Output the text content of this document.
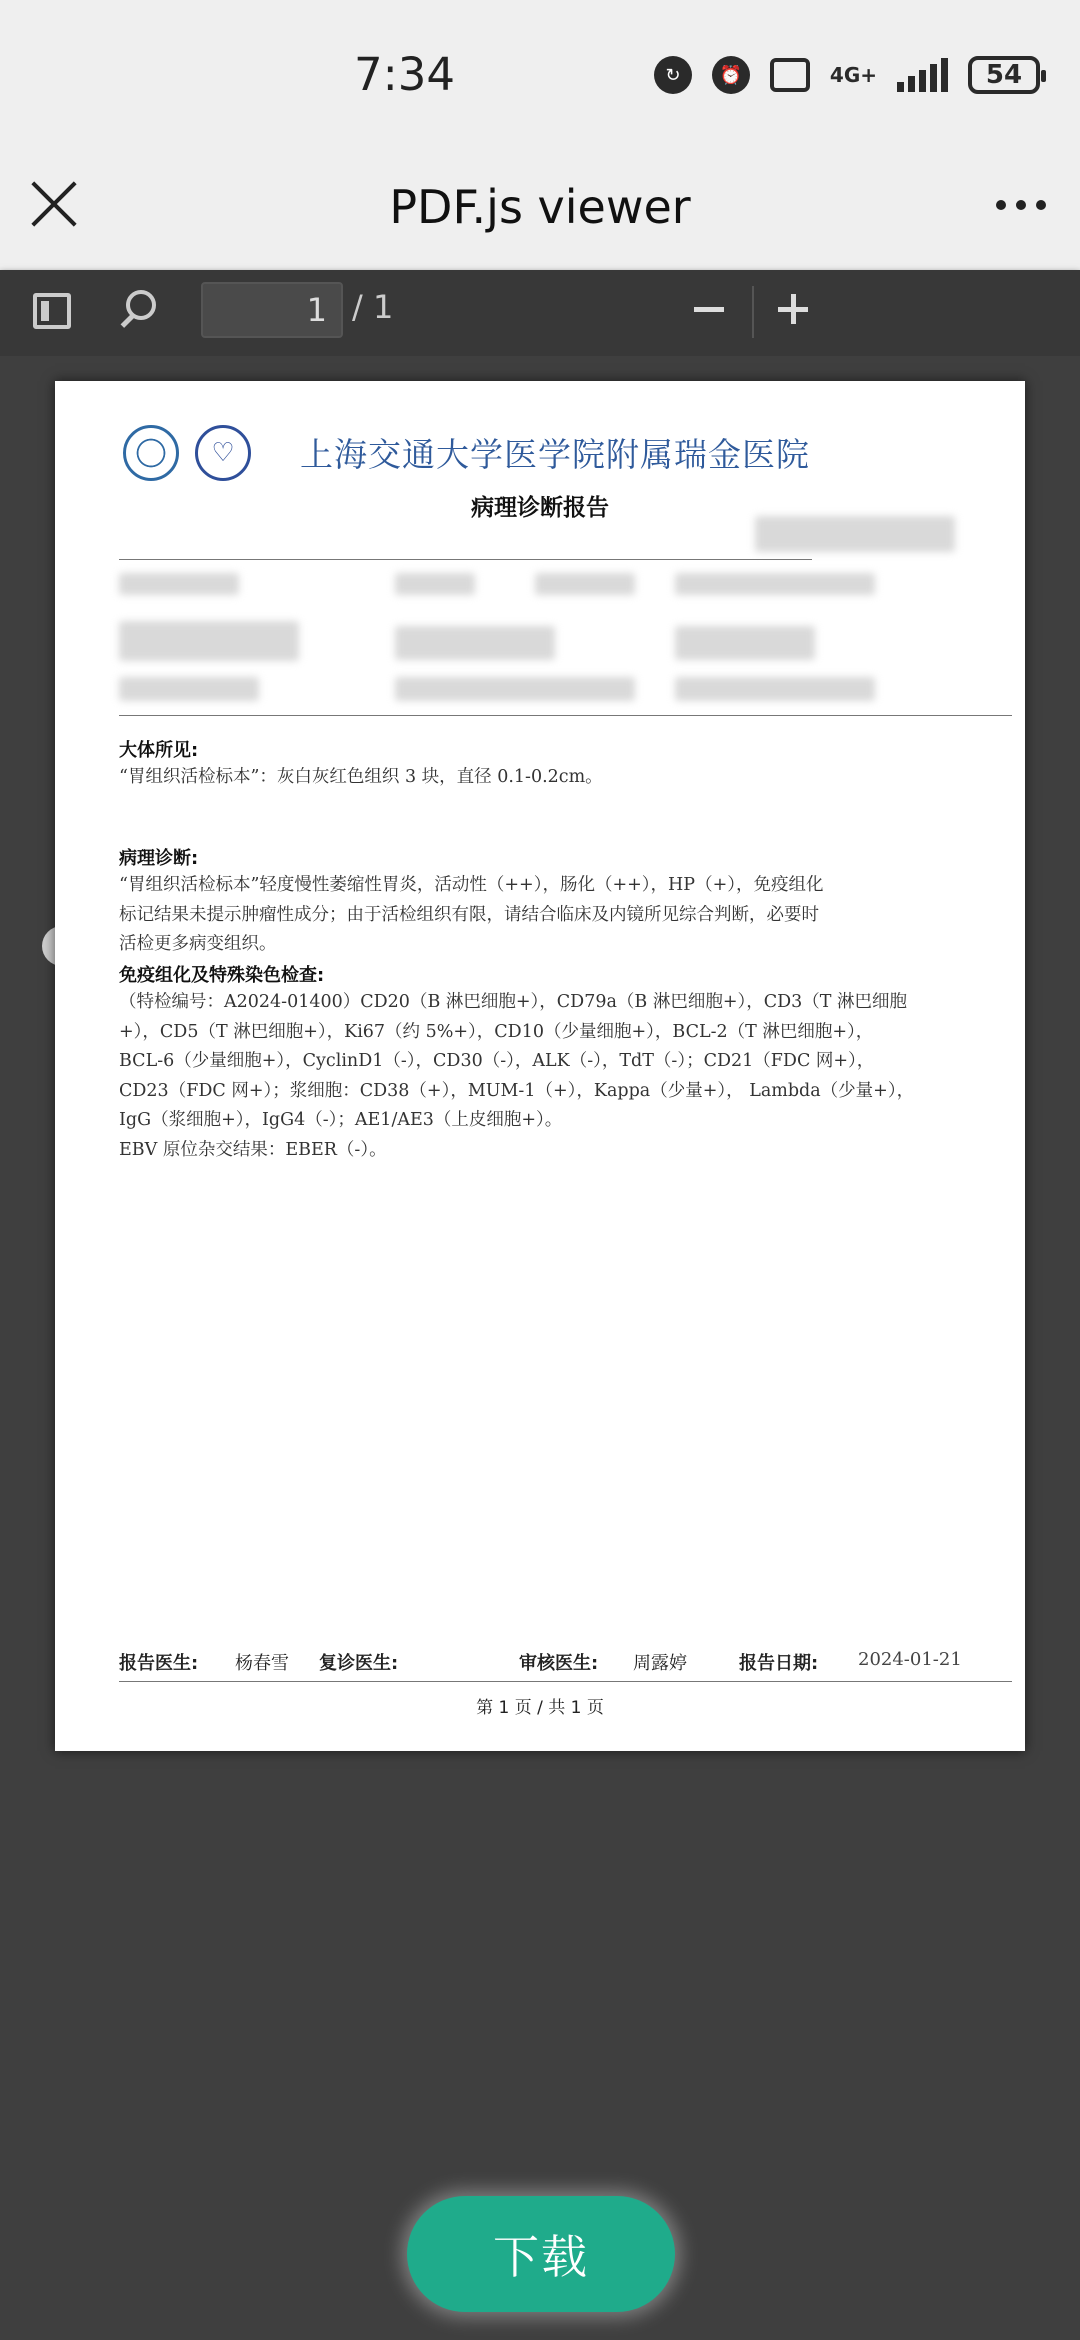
7:34	↻	⏰	4G+	54
PDF.js viewer
1 / 1
♡	上海交通大学医学院附属瑞金医院
病理诊断报告
大体所见:
“胃组织活检标本”：灰白灰红色组织 3 块，直径 0.1-0.2cm。
病理诊断:
“胃组织活检标本”轻度慢性萎缩性胃炎，活动性（++），肠化（++），HP（+），免疫组化
标记结果未提示肿瘤性成分；由于活检组织有限，请结合临床及内镜所见综合判断，必要时
活检更多病变组织。
免疫组化及特殊染色检查:
（特检编号：A2024-01400）CD20（B 淋巴细胞+），CD79a（B 淋巴细胞+），CD3（T 淋巴细胞
+），CD5（T 淋巴细胞+），Ki67（约 5%+），CD10（少量细胞+），BCL-2（T 淋巴细胞+），
BCL-6（少量细胞+），CyclinD1（-），CD30（-），ALK（-），TdT（-）；CD21（FDC 网+），
CD23（FDC 网+）；浆细胞：CD38（+），MUM-1（+），Kappa（少量+）， Lambda（少量+），
IgG（浆细胞+），IgG4（-）；AE1/AE3（上皮细胞+）。
EBV 原位杂交结果：EBER（-）。
报告医生: 杨春雪 复诊医生:	审核医生: 周露婷	报告日期: 2024-01-21
第 1 页 / 共 1 页
下载
